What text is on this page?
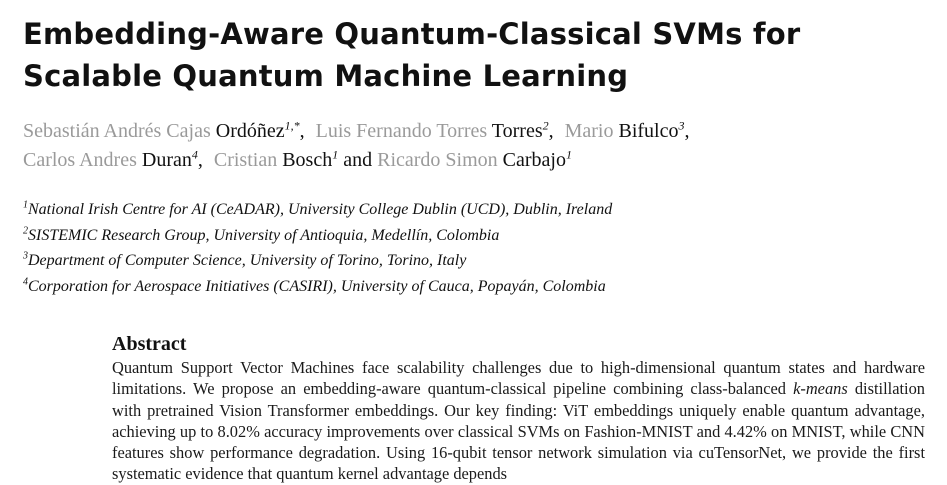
Embedding-Aware Quantum-Classical SVMs for Scalable Quantum Machine Learning
Sebastián Andrés Cajas Ordóñez$^{1,*}$, Luis Fernando Torres Torres$^2$, Mario Bifulco$^3$,
Carlos Andres Duran$^4$, Cristian Bosch$^1$ and Ricardo Simon Carbajo$^1$
$^1$National Irish Centre for AI (CeADAR), University College Dublin (UCD), Dublin, Ireland
$^2$SISTEMIC Research Group, University of Antioquia, Medellín, Colombia
$^3$Department of Computer Science, University of Torino, Torino, Italy
$^4$Corporation for Aerospace Initiatives (CASIRI), University of Cauca, Popayán, Colombia
Abstract

Quantum Support Vector Machines face scalability challenges due to high-dimensional quantum states and hardware limitations. We propose an embedding-aware quantum-classical pipeline combining class-balanced k-means distillation with pretrained Vision Transformer embeddings. Our key finding: ViT embeddings uniquely enable quantum advantage, achieving up to 8.02% accuracy improvements over classical SVMs on Fashion-MNIST and 4.42% on MNIST, while CNN features show performance degradation. Using 16-qubit tensor network simulation via cuTensorNet, we provide the first systematic evidence that quantum kernel advantage depends
